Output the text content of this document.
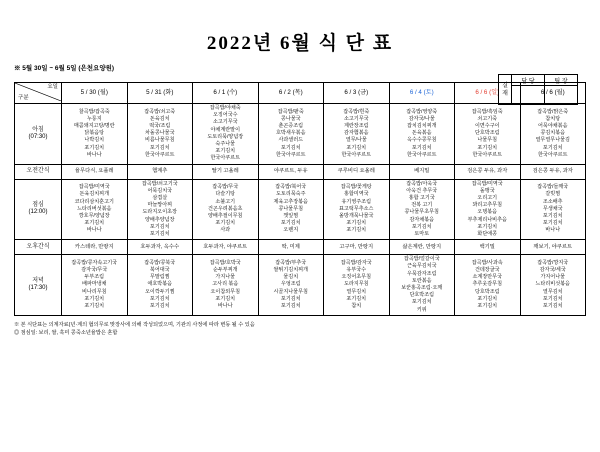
2022년 6월 식 단 표
결
재	담 당	팀 장

※ 5월 30일 ~ 6월 5일 (은천요양원)
요일
구분	5 / 30 (월)	5 / 31 (화)	6 / 1 (수)	6 / 2 (목)	6 / 3 (금)	6 / 4 (토)	6 / 6 (일)	6 / 6 (월)

아침
(07:30)

찰곡밥/잡곡죽
누룽지
매콤돼지고탕/명란
닭볶음탕
나박김치
포기김치
바나나

잡곡밥/쇠고죽
돈육김치
떡국/조림
차돌콩나물국
비름나물무침
포기김치
한국아쿠르트

잡곡밥/야채죽
오징어국수
소고기무국
야채계란말이
도토리묵/양념장
숙주나물
포기김치
한국아쿠르트

잡곡밥/팥죽
콩나물국
춘곤증조림
호박새우볶음
사과샐러드
포기김치
한국아쿠르트

잡곡밥/흰죽
소고기무국
계란장조림
감자햄볶음
열무/나물
포기김치
한국아쿠르트

잡곡밥/영양죽
감자국/나물
잡치김치찌개
돈육볶음
옥수수콩무침
포기김치
한국아쿠르트

잡곡밥/흑임죽
쇠고기죽
이면수구이
단호박조림
나물무침
포기김치
한국아쿠르트

잡곡밥/맑은죽
참치탕
어묵야채볶음
콩김치볶음
열무열무나물김
포기김치
한국아쿠르트

오전간식	율무다식, 요플레	햄계추	딸기 고올레	야쿠르트, 두유	쿠루비디 요올레	베지밀	검은콩 두유, 과자	검은콩 두유, 과자

점심
(12:00)

잡곡밥/미역국
돈육김치찌개
코다리삼치훈고기
느타리버섯볶음
깡호무/양념장
포기김치
바나나

잡곡밥/쇠고기국
어묵김치국
삼겹살
마늘짱아찌
도라지오이초장
양배추양념장
포기김치
포기김치

잡곡밥/무국
다슬기탕
소불고기
건곤우려볶음초
양배추절이무침
포기김치
사과

잡곡밥/북어국
도토리묵숙주
제육고추장볶음
콩나물무침
깻잎찜
포기김치
오렌지

잡곡밥/꽃게탕
홍합미역국
유기영주조림
표고떡무추소스
올방개묵나물국
포기김치
포기김치

잡곡밥/아욱국
아욱건 추무국
홍합 고기국
전복 고기
콩나물무초무침
감자채볶음
포기김치
토마토

잡곡밥/미역국
돌맹국
오리고기
꽈리고추무침
오뎅볶음
부추제리나비추음
포기김치
화단애콩

잡곡밥/들깨국
갈빗찜
조소배추
무생채국
포기김치
포기김치
바나나

오후간식	카스테라, 만땅지	호두과자, 옥수수	호두과자, 야쿠르트	딱, 미제	고구마, 만땅지	삶은계란, 만땅지	백기밀	깨보기, 야쿠르트

저녁
(17:30)

잡곡밥/콩자속고기국
감자국/무국
두부조림
배파마냉채
비나리무침
포기김치
포기김치

잡곡밥/콩북국
북어대국
무말림찜
애호박볶음
오이깍두기찜
포기김치
포기김치

잡곡밥/호박국
순두부찌개
가지나물
고사리 볶음
오이참외무침
포기김치
바나나

잡곡밥/부추국
쌀튀기김치찌개
물김치
우엉조림
시골지나물무침
포기김치
포기김치

잡곡밥/감자국
유부국수
오징어초무침
도라지무침
열무김치
포기김치
참치

잡곡밥/얼갈이국
근육무김치국
우묵감자조림
토란볶음
보꾼홍곡조림·오깨
단호박조림
포기김치
키위

잡곡밥/사과속
건데장굴국
소계장만무국
추루웃감무침
당호박조림
포기김치
포기김치

잡곡밥/깡지국
감자국/세국
가지어나물
느타리비섯볶음
열무김치
포기김치
포기김치
※ 본 식단표는 의계자료(년·계의 협의무로 맞장사에 의해 작성되었으며, 기관의 사정에 따라 변동 될 수 있음
◎ 점심일: 보리, 쌀, 혹미 콩죽소년율밥은 혼합
